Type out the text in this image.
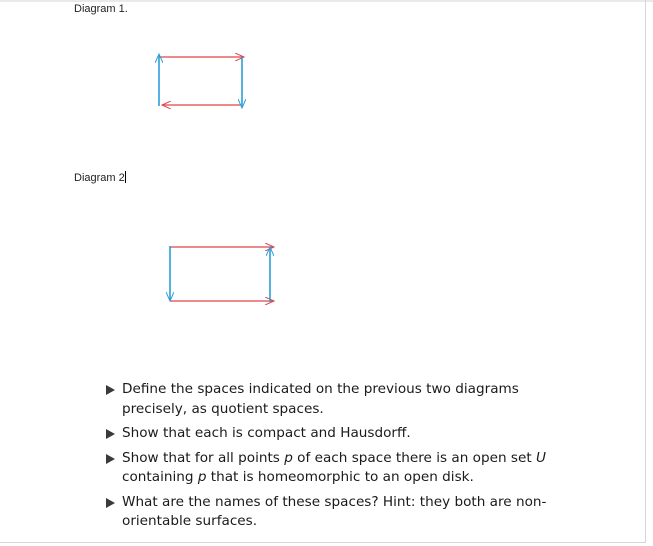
Diagram 1.
Diagram 2
Define the spaces indicated on the previous two diagrams precisely, as quotient spaces.
Show that each is compact and Hausdorff.
Show that for all points p of each space there is an open set U containing p that is homeomorphic to an open disk.
What are the names of these spaces? Hint: they both are non-orientable surfaces.
